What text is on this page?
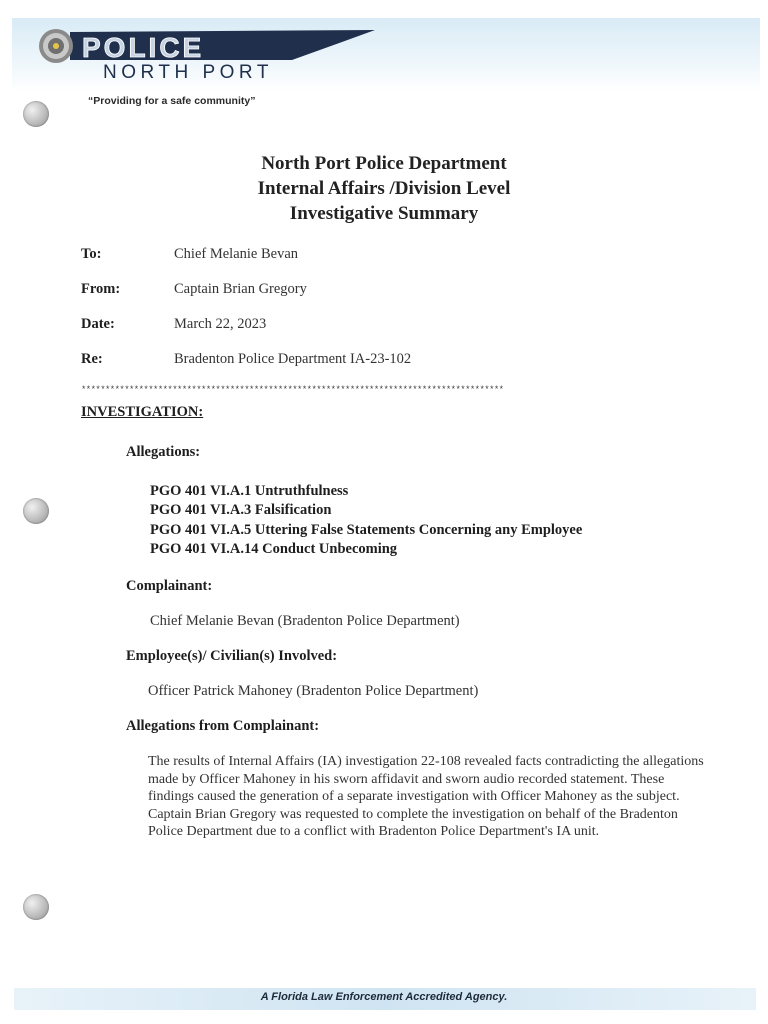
POLICE
NORTH PORT
“Providing for a safe community”
North Port Police Department
Internal Affairs /Division Level
Investigative Summary
To:	Chief Melanie Bevan
From:	Captain Brian Gregory
Date:	March 22, 2023
Re:	Bradenton Police Department IA-23-102
****************************************************************************************
INVESTIGATION:
Allegations:
PGO 401 VI.A.1 Untruthfulness
PGO 401 VI.A.3 Falsification
PGO 401 VI.A.5 Uttering False Statements Concerning any Employee
PGO 401 VI.A.14 Conduct Unbecoming
Complainant:
Chief Melanie Bevan (Bradenton Police Department)
Employee(s)/ Civilian(s) Involved:
Officer Patrick Mahoney (Bradenton Police Department)
Allegations from Complainant:

The results of Internal Affairs (IA) investigation 22-108 revealed facts contradicting the allegations made by Officer Mahoney in his sworn affidavit and sworn audio recorded statement. These findings caused the generation of a separate investigation with Officer Mahoney as the subject. Captain Brian Gregory was requested to complete the investigation on behalf of the Bradenton Police Department due to a conflict with Bradenton Police Department's IA unit.

A Florida Law Enforcement Accredited Agency.
